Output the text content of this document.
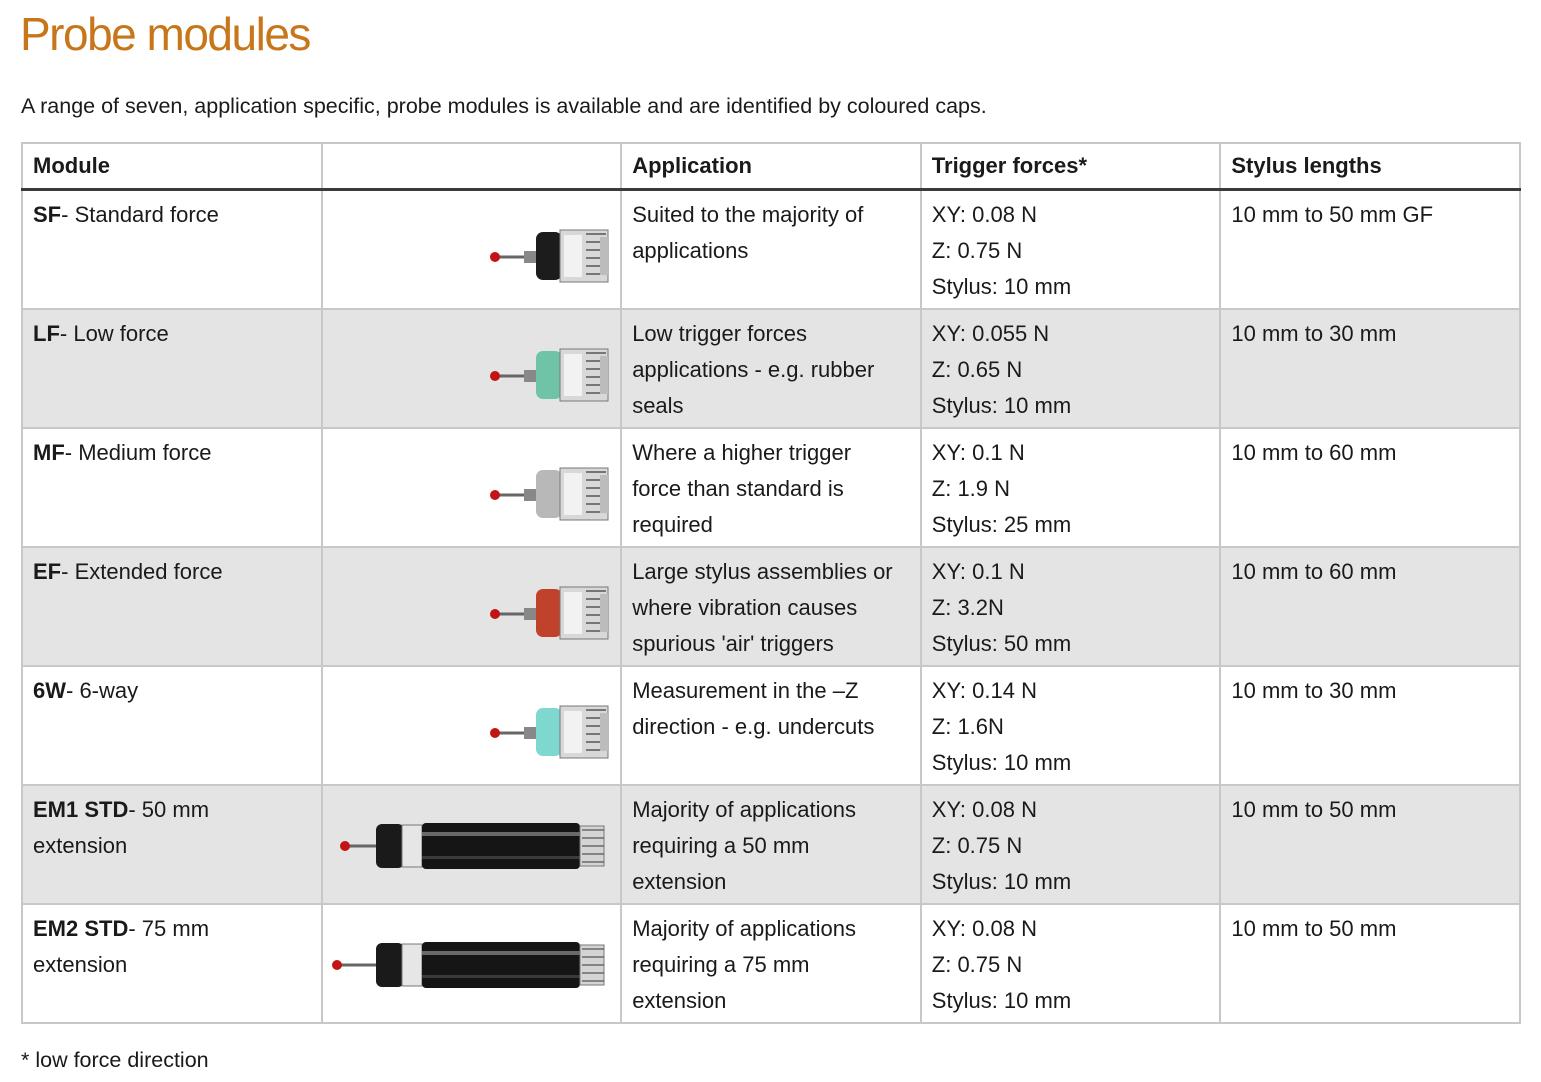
Probe modules

A range of seven, application specific, probe modules is available and are identified by coloured caps.

Module		Application	Trigger forces*	Stylus lengths
SF- Standard force		Suited to the majority of
applications	XY: 0.08 N
Z: 0.75 N
Stylus: 10 mm	10 mm to 50 mm GF
LF- Low force		Low trigger forces
applications - e.g. rubber
seals	XY: 0.055 N
Z: 0.65 N
Stylus: 10 mm	10 mm to 30 mm
MF- Medium force		Where a higher trigger
force than standard is
required	XY: 0.1 N
Z: 1.9 N
Stylus: 25 mm	10 mm to 60 mm
EF- Extended force		Large stylus assemblies or
where vibration causes
spurious 'air' triggers	XY: 0.1 N
Z: 3.2N
Stylus: 50 mm	10 mm to 60 mm
6W- 6-way		Measurement in the –Z
direction - e.g. undercuts	XY: 0.14 N
Z: 1.6N
Stylus: 10 mm	10 mm to 30 mm
EM1 STD- 50 mm
extension		Majority of applications
requiring a 50 mm
extension	XY: 0.08 N
Z: 0.75 N
Stylus: 10 mm	10 mm to 50 mm
EM2 STD- 75 mm
extension		Majority of applications
requiring a 75 mm
extension	XY: 0.08 N
Z: 0.75 N
Stylus: 10 mm	10 mm to 50 mm

* low force direction
